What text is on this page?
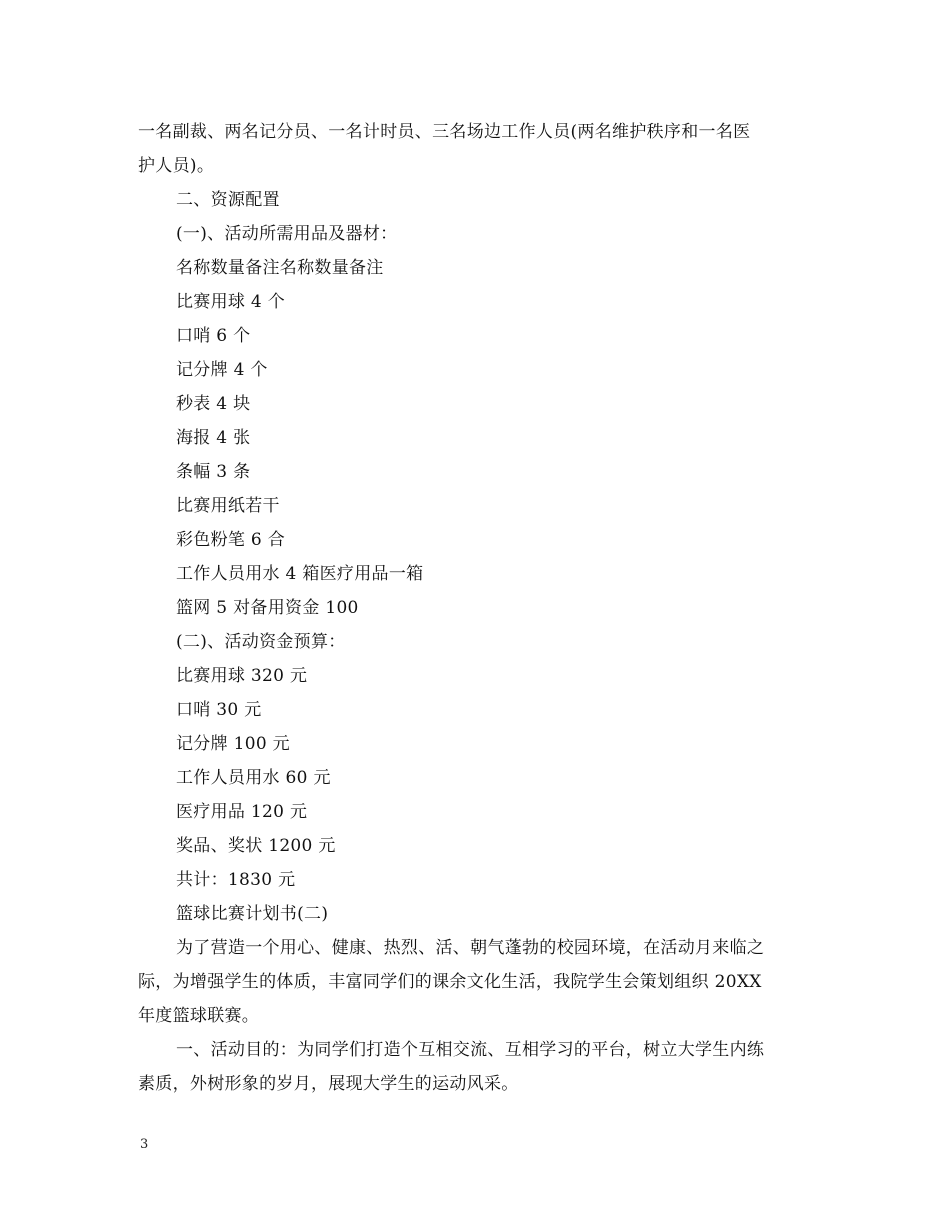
一名副裁、两名记分员、一名计时员、三名场边工作人员(两名维护秩序和一名医
护人员)。
二、资源配置
(一)、活动所需用品及器材：
名称数量备注名称数量备注
比赛用球 4 个
口哨 6 个
记分牌 4 个
秒表 4 块
海报 4 张
条幅 3 条
比赛用纸若干
彩色粉笔 6 合
工作人员用水 4 箱医疗用品一箱
篮网 5 对备用资金 100
(二)、活动资金预算：
比赛用球 320 元
口哨 30 元
记分牌 100 元
工作人员用水 60 元
医疗用品 120 元
奖品、奖状 1200 元
共计：1830 元
篮球比赛计划书(二)
为了营造一个用心、健康、热烈、活、朝气蓬勃的校园环境，在活动月来临之
际，为增强学生的体质，丰富同学们的课余文化生活，我院学生会策划组织 20XX
年度篮球联赛。
一、活动目的：为同学们打造个互相交流、互相学习的平台，树立大学生内练
素质，外树形象的岁月，展现大学生的运动风采。
3
